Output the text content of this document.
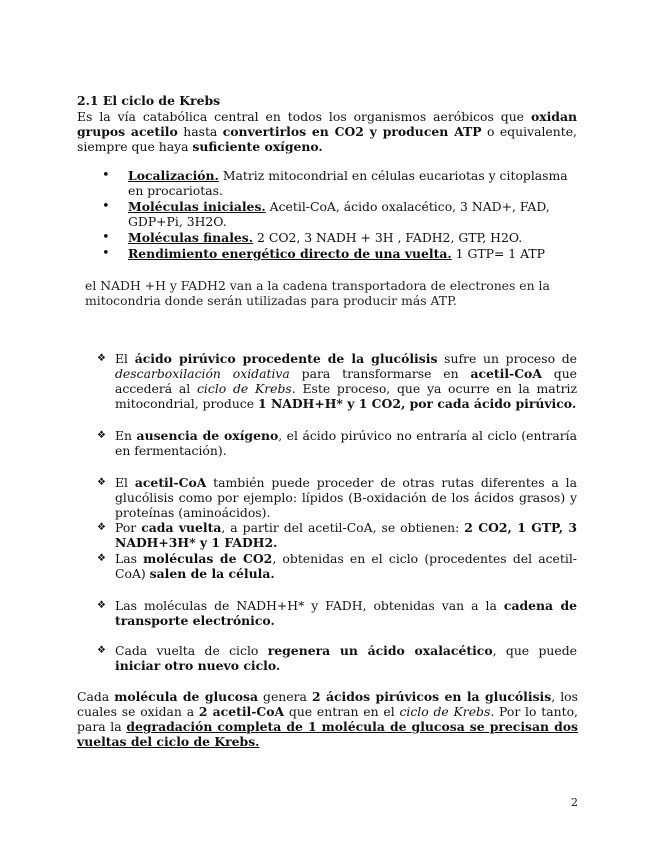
2.1 El ciclo de Krebs
Es la vía catabólica central en todos los organismos aeróbicos que oxidan grupos acetilo hasta convertirlos en CO2 y producen ATP o equivalente, siempre que haya suficiente oxígeno.
• Localización. Matriz mitocondrial en células eucariotas y citoplasma en procariotas.
• Moléculas iniciales. Acetil-CoA, ácido oxalacético, 3 NAD+, FAD, GDP+Pi, 3H2O.
• Moléculas finales. 2 CO2, 3 NADH + 3H , FADH2, GTP, H2O.
• Rendimiento energético directo de una vuelta. 1 GTP= 1 ATP
el NADH +H y FADH2 van a la cadena transportadora de electrones en la mitocondria donde serán utilizadas para producir más ATP.
❖ El ácido pirúvico procedente de la glucólisis sufre un proceso de descarboxilación oxidativa para transformarse en acetil-CoA que accederá al ciclo de Krebs. Este proceso, que ya ocurre en la matriz mitocondrial, produce 1 NADH+H* y 1 CO2, por cada ácido pirúvico.
❖ En ausencia de oxígeno, el ácido pirúvico no entraría al ciclo (entraría en fermentación).
❖ El acetil-CoA también puede proceder de otras rutas diferentes a la glucólisis como por ejemplo: lípidos (B-oxidación de los ácidos grasos) y proteínas (aminoácidos).
❖ Por cada vuelta, a partir del acetil-CoA, se obtienen: 2 CO2, 1 GTP, 3 NADH+3H* y 1 FADH2.
❖ Las moléculas de CO2, obtenidas en el ciclo (procedentes del acetil-CoA) salen de la célula.
❖ Las moléculas de NADH+H* y FADH, obtenidas van a la cadena de transporte electrónico.
❖ Cada vuelta de ciclo regenera un ácido oxalacético, que puede iniciar otro nuevo ciclo.
Cada molécula de glucosa genera 2 ácidos pirúvicos en la glucólisis, los cuales se oxidan a 2 acetil-CoA que entran en el ciclo de Krebs. Por lo tanto, para la degradación completa de 1 molécula de glucosa se precisan dos vueltas del ciclo de Krebs.
2
